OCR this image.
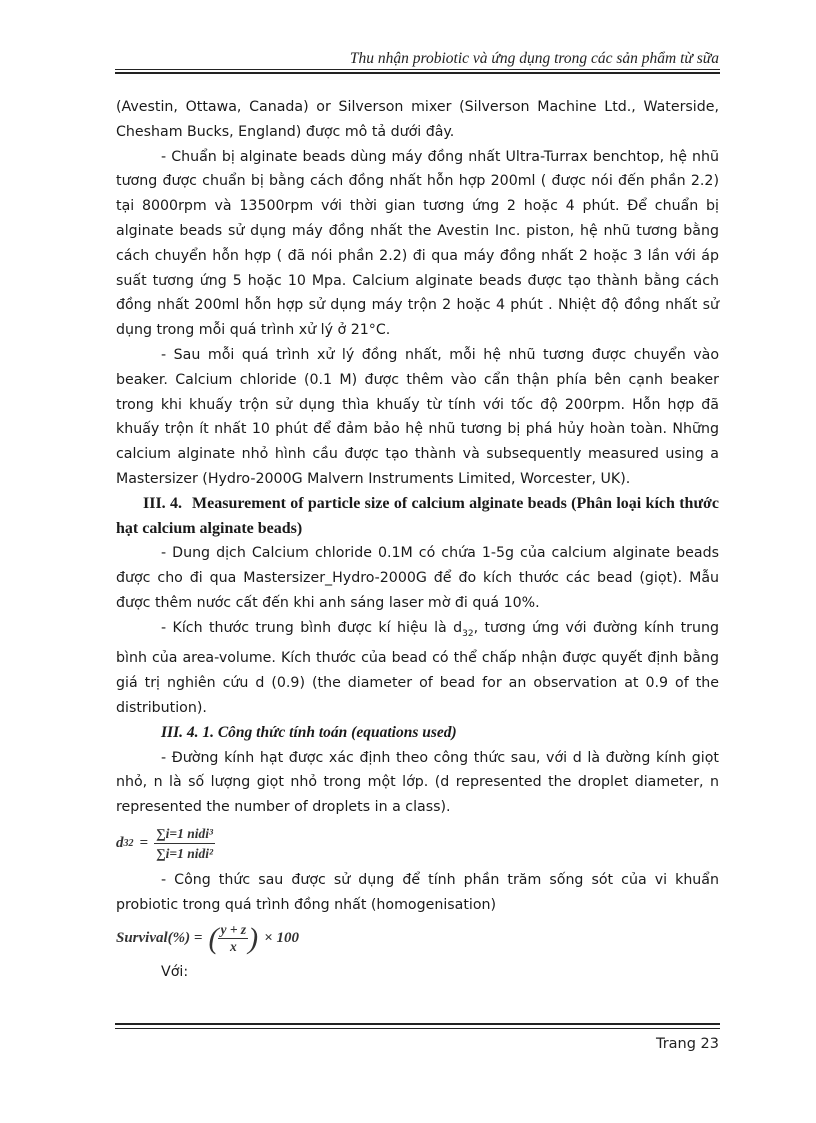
Thu nhận probiotic và ứng dụng trong các sản phẩm từ sữa

(Avestin, Ottawa, Canada) or Silverson mixer (Silverson Machine Ltd., Waterside, Chesham Bucks, England) được mô tả dưới đây.

- Chuẩn bị alginate beads dùng máy đồng nhất Ultra-Turrax benchtop, hệ nhũ tương được chuẩn bị bằng cách đồng nhất hỗn hợp 200ml ( được nói đến phần 2.2) tại 8000rpm và 13500rpm với thời gian tương ứng 2 hoặc 4 phút. Để chuẩn bị alginate beads sử dụng máy đồng nhất the Avestin Inc. piston, hệ nhũ tương bằng cách chuyển hỗn hợp ( đã nói phần 2.2) đi qua máy đồng nhất 2 hoặc 3 lần với áp suất tương ứng 5 hoặc 10 Mpa. Calcium alginate beads được tạo thành bằng cách đồng nhất 200ml hỗn hợp sử dụng máy trộn 2 hoặc 4 phút . Nhiệt độ đồng nhất sử dụng trong mỗi quá trình xử lý ở 21°C.

- Sau mỗi quá trình xử lý đồng nhất, mỗi hệ nhũ tương được chuyển vào beaker. Calcium chloride (0.1 M) được thêm vào cẩn thận phía bên cạnh beaker trong khi khuấy trộn sử dụng thìa khuấy từ tính với tốc độ 200rpm. Hỗn hợp đã khuấy trộn ít nhất 10 phút để đảm bảo hệ nhũ tương bị phá hủy hoàn toàn. Những calcium alginate nhỏ hình cầu được tạo thành và subsequently measured using a Mastersizer (Hydro-2000G Malvern Instruments Limited, Worcester, UK).

III. 4. Measurement of particle size of calcium alginate beads (Phân loại kích thước hạt calcium alginate beads)

- Dung dịch Calcium chloride 0.1M có chứa 1-5g của calcium alginate beads được cho đi qua Mastersizer_Hydro-2000G để đo kích thước các bead (giọt). Mẫu được thêm nước cất đến khi anh sáng laser mờ đi quá 10%.

- Kích thước trung bình được kí hiệu là $d_{32}$, tương ứng với đường kính trung bình của area-volume. Kích thước của bead có thể chấp nhận được quyết định bằng giá trị nghiên cứu d (0.9) (the diameter of bead for an observation at 0.9 of the distribution).

III. 4. 1. Công thức tính toán (equations used)

- Đường kính hạt được xác định theo công thức sau, với d là đường kính giọt nhỏ, n là số lượng giọt nhỏ trong một lớp. (d represented the droplet diameter, n represented the number of droplets in a class).

d $32 = \frac{\text{∑i=1 nidi³}}{\text{∑i=1 nidi²}}$

- Công thức sau được sử dụng để tính phần trăm sống sót của vi khuẩn probiotic trong quá trình đồng nhất (homogenisation)

Survival(%) = ( $\frac{y + z}{x}$ ) × 100

Với:

Trang 23
